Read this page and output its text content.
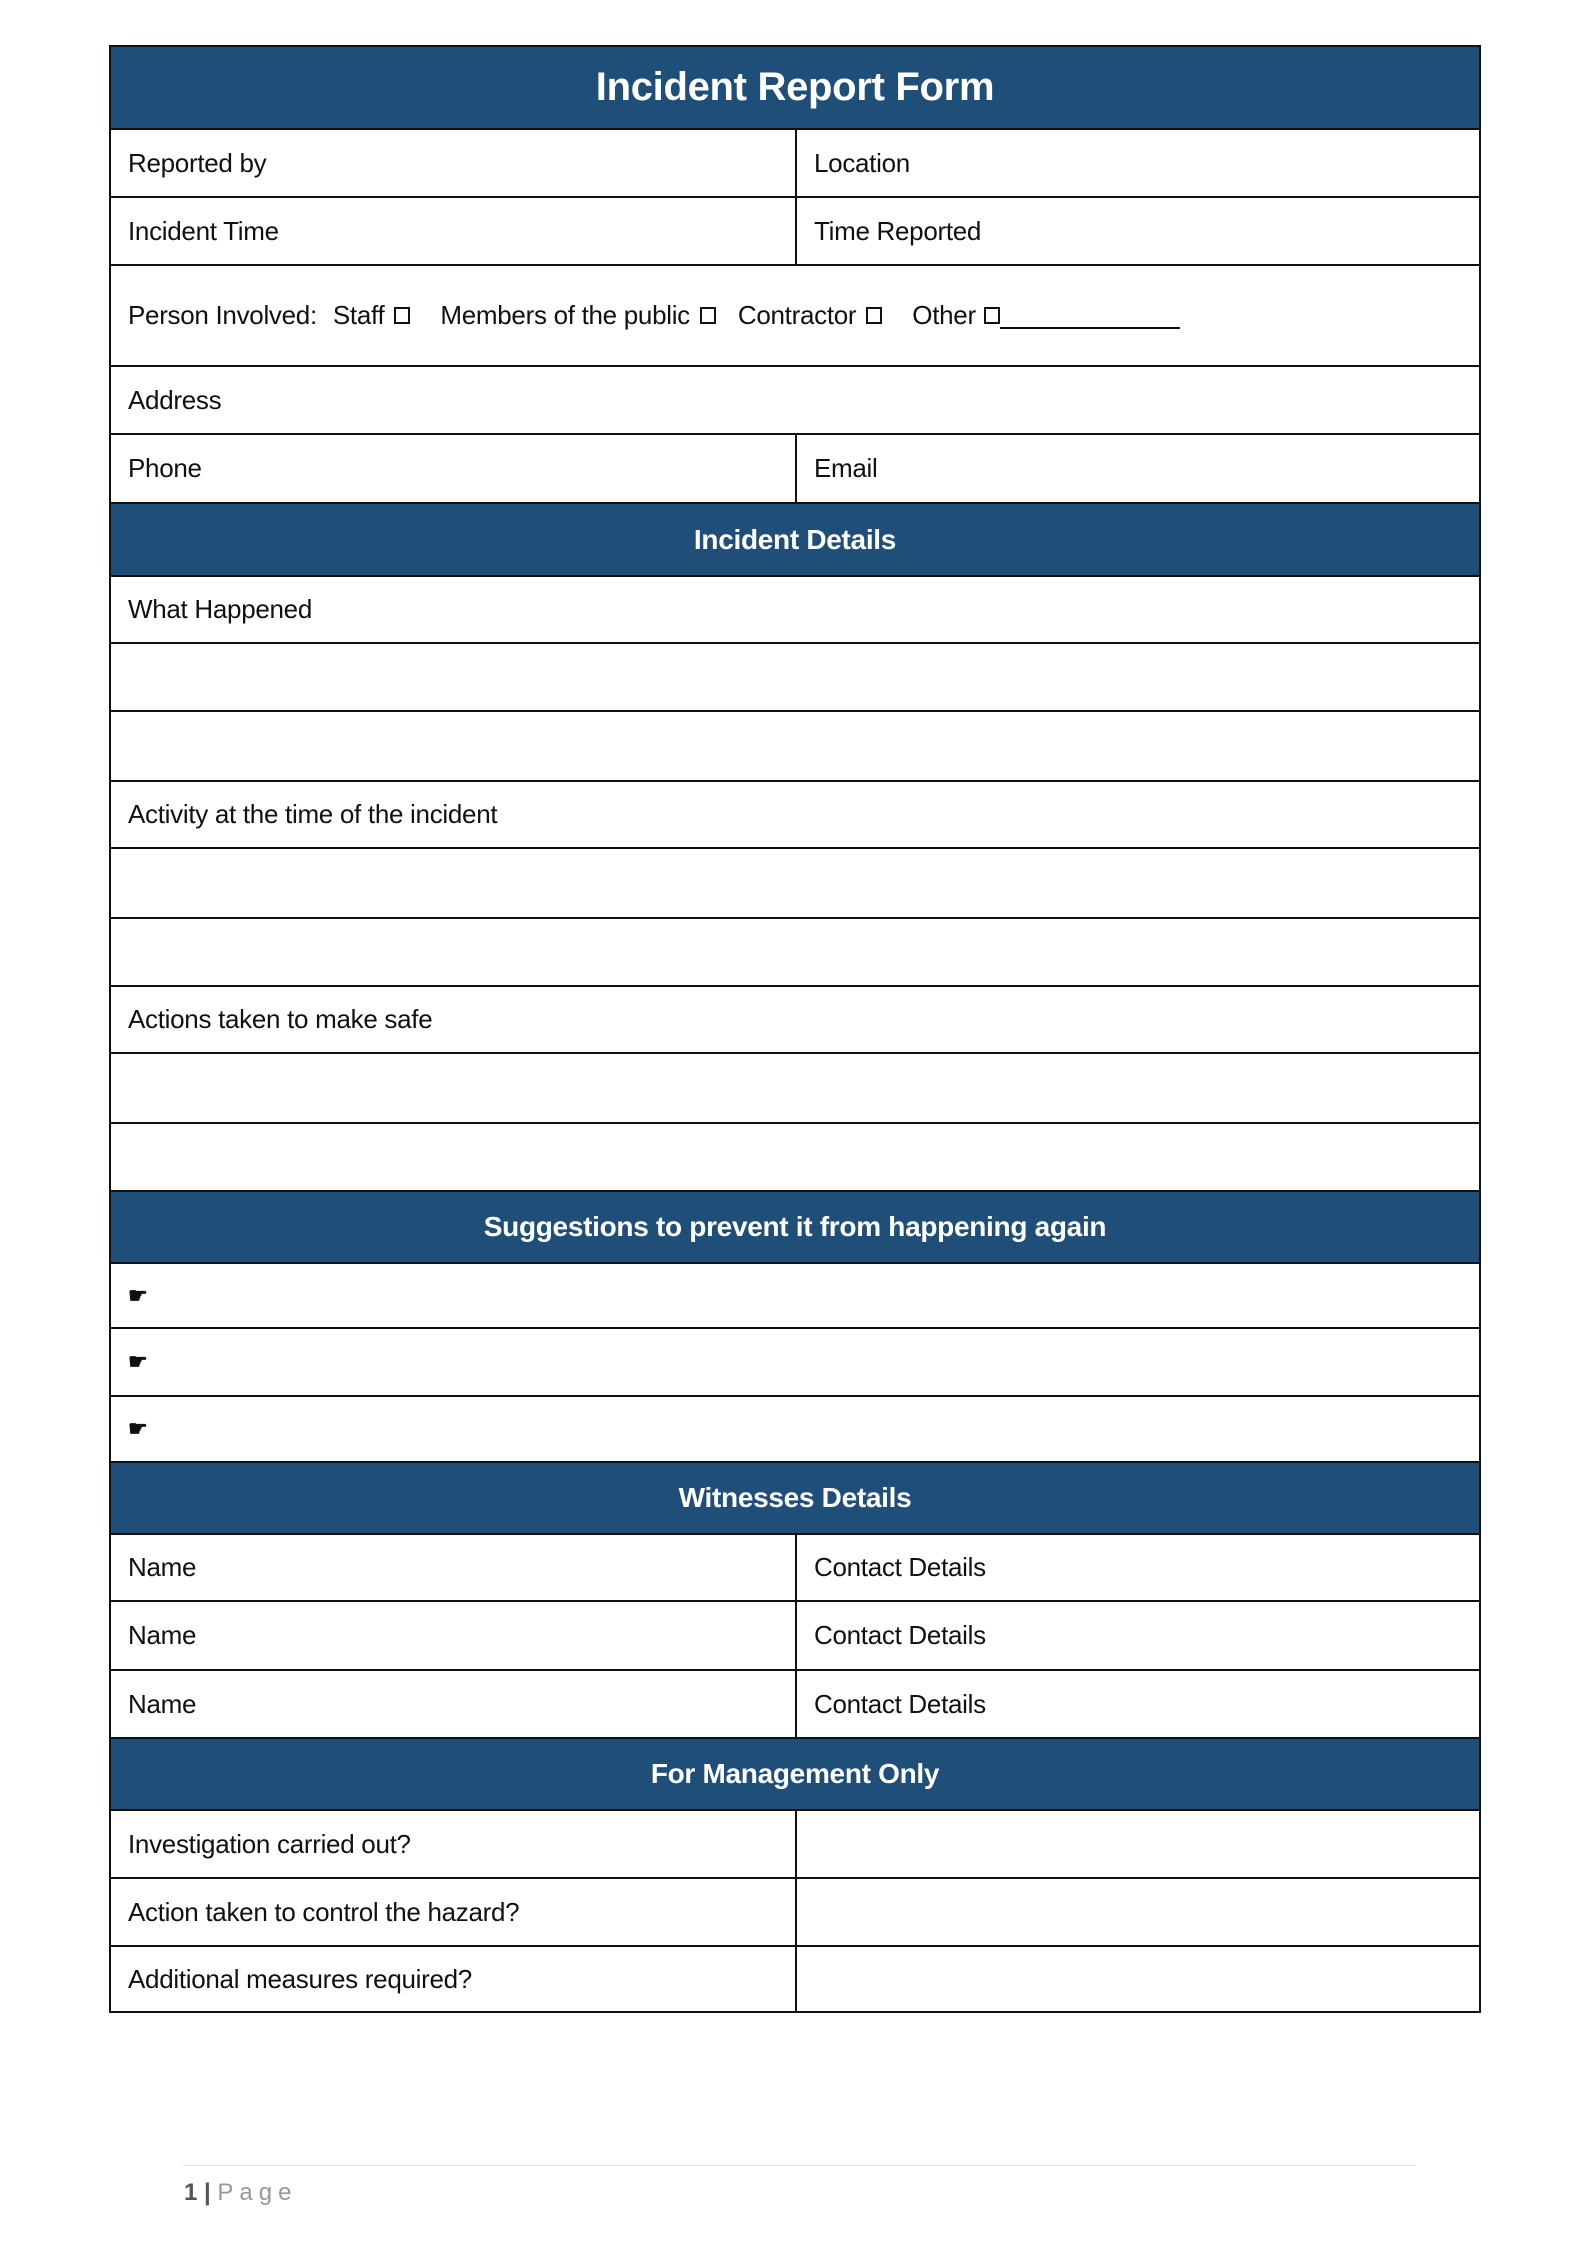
Incident Report Form
Reported by	Location
Incident Time	Time Reported
Person Involved: Staff Members of the public Contractor Other
Address
Phone	Email
Incident Details
What Happened
Activity at the time of the incident
Actions taken to make safe
Suggestions to prevent it from happening again
☛
☛
☛
Witnesses Details
Name	Contact Details
Name	Contact Details
Name	Contact Details
For Management Only
Investigation carried out?
Action taken to control the hazard?
Additional measures required?
1 | Page
